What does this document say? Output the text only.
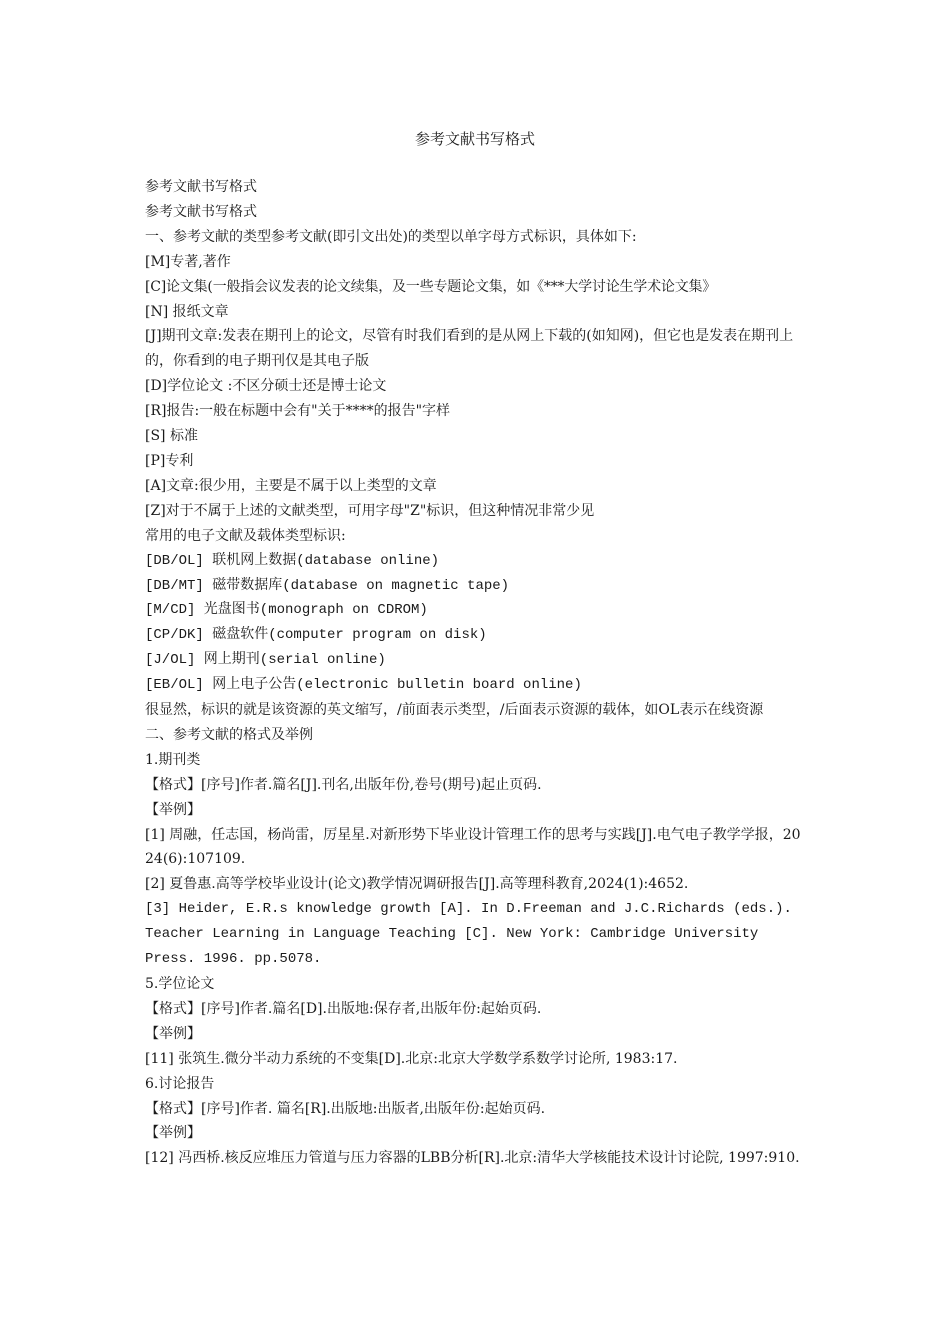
参考文献书写格式

参考文献书写格式

参考文献书写格式

一、参考文献的类型参考文献(即引文出处)的类型以单字母方式标识，具体如下:

[M]专著,著作

[C]论文集(一般指会议发表的论文续集，及一些专题论文集，如《***大学讨论生学术论文集》

[N] 报纸文章

[J]期刊文章:发表在期刊上的论文，尽管有时我们看到的是从网上下载的(如知网)，但它也是发表在期刊上的，你看到的电子期刊仅是其电子版

[D]学位论文 :不区分硕士还是博士论文

[R]报告:一般在标题中会有"关于****的报告"字样

[S] 标准

[P]专利

[A]文章:很少用，主要是不属于以上类型的文章

[Z]对于不属于上述的文献类型，可用字母"Z"标识，但这种情况非常少见

常用的电子文献及载体类型标识:

[DB/OL] 联机网上数据(database online)

[DB/MT] 磁带数据库(database on magnetic tape)

[M/CD] 光盘图书(monograph on CDROM)

[CP/DK] 磁盘软件(computer program on disk)

[J/OL] 网上期刊(serial online)

[EB/OL] 网上电子公告(electronic bulletin board online)

很显然，标识的就是该资源的英文缩写，/前面表示类型，/后面表示资源的载体，如OL表示在线资源

二、参考文献的格式及举例

1.期刊类

【格式】[序号]作者.篇名[J].刊名,出版年份,卷号(期号)起止页码.

【举例】

[1] 周融，任志国，杨尚雷，厉星星.对新形势下毕业设计管理工作的思考与实践[J].电气电子教学学报，2024(6):107109.

[2] 夏鲁惠.高等学校毕业设计(论文)教学情况调研报告[J].高等理科教育,2024(1):4652.

[3] Heider, E.R.s knowledge growth [A]. In D.Freeman and J.C.Richards (eds.). Teacher Learning in Language Teaching [C]. New York: Cambridge University Press. 1996. pp.5078.

5.学位论文

【格式】[序号]作者.篇名[D].出版地:保存者,出版年份:起始页码.

【举例】

[11] 张筑生.微分半动力系统的不变集[D].北京:北京大学数学系数学讨论所, 1983:17.

6.讨论报告

【格式】[序号]作者. 篇名[R].出版地:出版者,出版年份:起始页码.

【举例】

[12] 冯西桥.核反应堆压力管道与压力容器的LBB分析[R].北京:清华大学核能技术设计讨论院, 1997:910.
